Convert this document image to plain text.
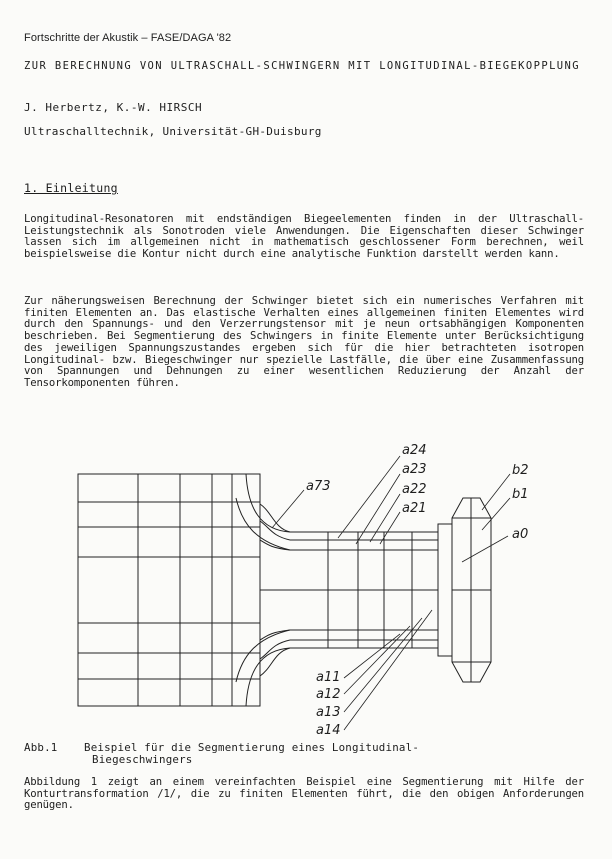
Fortschritte der Akustik – FASE/DAGA '82
ZUR BERECHNUNG VON ULTRASCHALL-SCHWINGERN MIT LONGITUDINAL-BIEGEKOPPLUNG
J. Herbertz, K.-W. HIRSCH
Ultraschalltechnik, Universität-GH-Duisburg
1. Einleitung

Longitudinal-Resonatoren mit endständigen Biegeelementen finden in der Ultraschall-Leistungstechnik als Sonotroden viele Anwendungen. Die Eigenschaften dieser Schwinger lassen sich im allgemeinen nicht in mathematisch geschlossener Form berechnen, weil beispielsweise die Kontur nicht durch eine analytische Funktion darstellt werden kann.

Zur näherungsweisen Berechnung der Schwinger bietet sich ein numerisches Verfahren mit finiten Elementen an. Das elastische Verhalten eines allgemeinen finiten Elementes wird durch den Spannungs- und den Verzerrungstensor mit je neun ortsabhängigen Komponenten beschrieben. Bei Segmentierung des Schwingers in finite Elemente unter Berücksichtigung des jeweiligen Spannungszustandes ergeben sich für die hier betrachteten isotropen Longitudinal- bzw. Biegeschwinger nur spezielle Lastfälle, die über eine Zusammenfassung von Spannungen und Dehnungen zu einer wesentlichen Reduzierung der Anzahl der Tensorkomponenten führen.

a24
a23
a22
a21
a73
b2
b1
a0
a11
a12
a13
a14
Abb.1 Beispiel für die Segmentierung eines Longitudinal-
Biegeschwingers

Abbildung 1 zeigt an einem vereinfachten Beispiel eine Segmentierung mit Hilfe der Konturtransformation /1/, die zu finiten Elementen führt, die den obigen Anforderungen genügen.
